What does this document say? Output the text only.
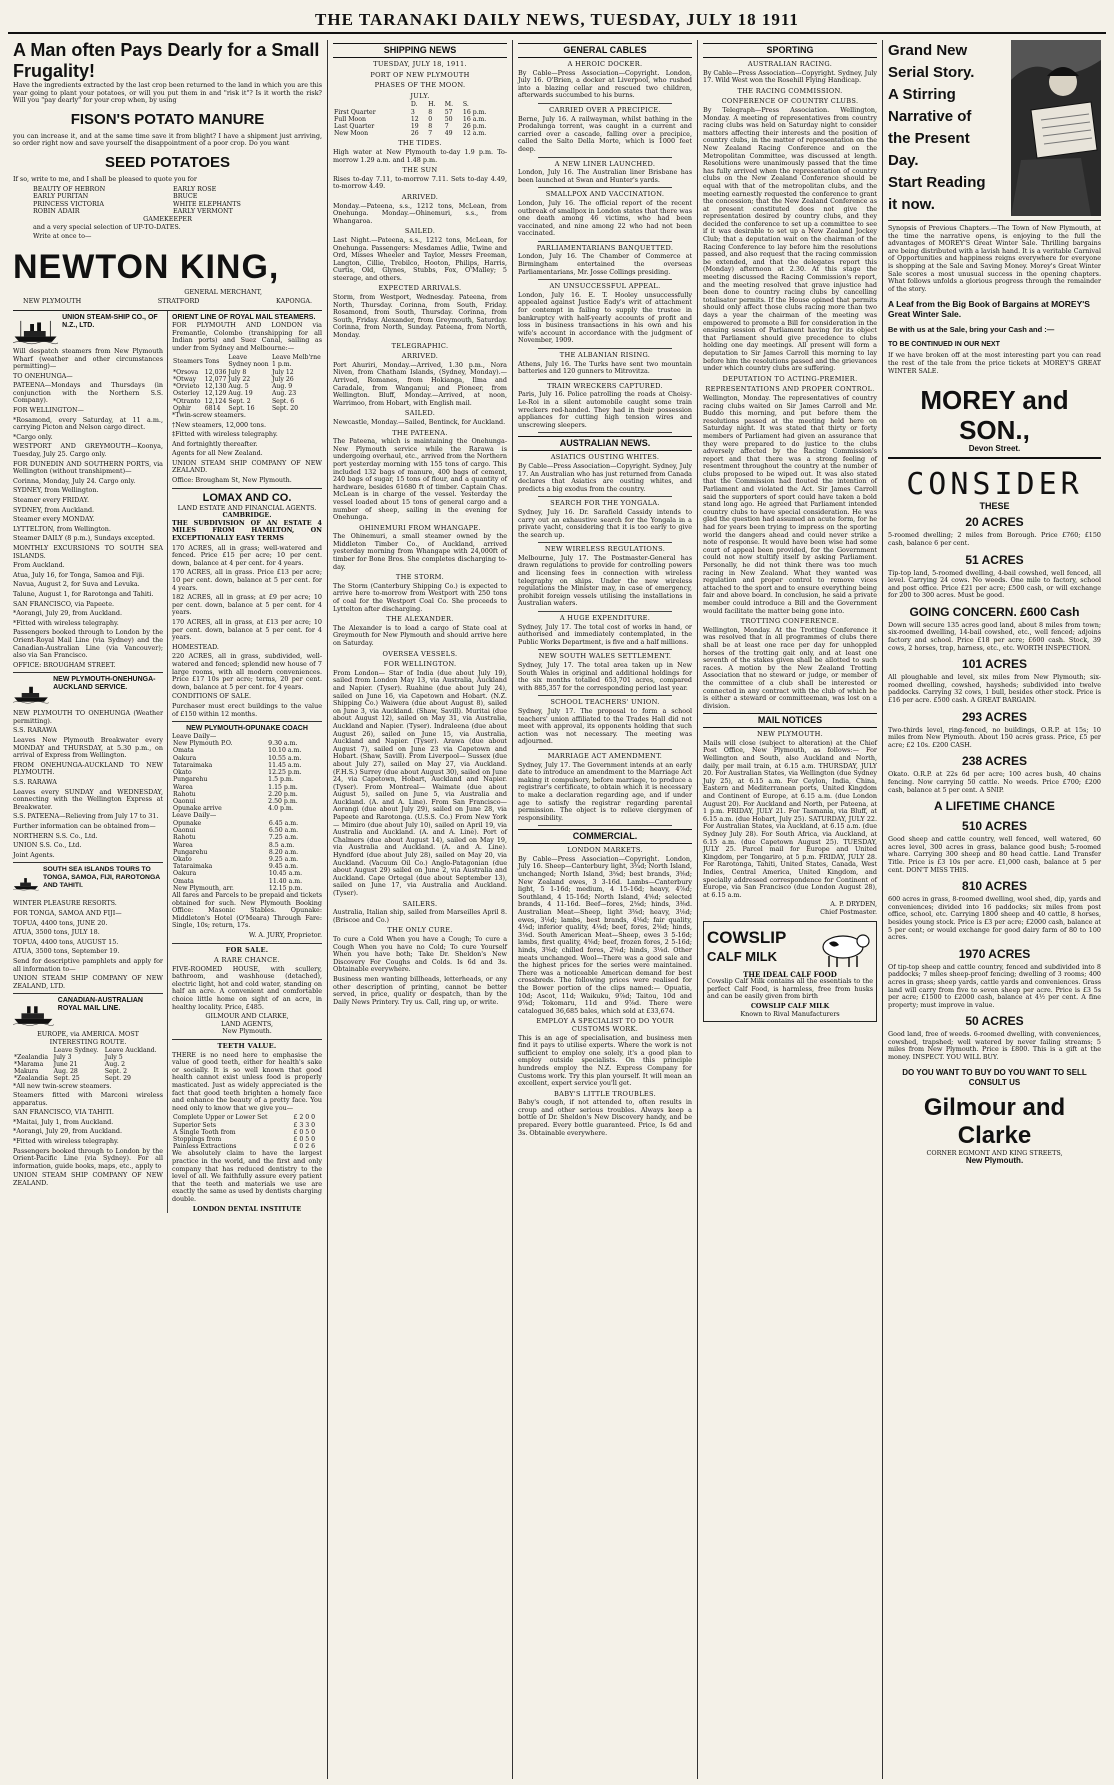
THE TARANAKI DAILY NEWS, TUESDAY, JULY 18 1911
A Man often Pays Dearly for a Small Frugality!

Have the ingredients extracted by the last crop been returned to the land in which you are this year going to plant your potatoes, or will you put them in and "risk it"? Is it worth the risk? Will you "pay dearly" for your crop when, by using

FISON'S POTATO MANURE

you can increase it, and at the same time save it from blight? I have a shipment just arriving, so order right now and save yourself the disappointment of a poor crop. Do you want

SEED POTATOES

If so, write to me, and I shall be pleased to quote you for

BEAUTY OF HEBRON
EARLY PURITAN
PRINCESS VICTORIA
ROBIN ADAIR
EARLY ROSE
BRUCE
WHITE ELEPHANTS
EARLY VERMONT
GAMEKEEPER

and a very special selection of UP-TO-DATES.

Write at once to—

NEWTON KING,
GENERAL MERCHANT,
NEW PLYMOUTH	STRATFORD	KAPONGA.
UNION STEAM-SHIP CO., OF N.Z., LTD.

Will despatch steamers from New Plymouth Wharf (weather and other circumstances permitting)—

TO ONEHUNGA—

PATEENA—Mondays and Thursdays (in conjunction with the Northern S.S. Company).

FOR WELLINGTON—

*Rosamond, every Saturday, at 11 a.m., carrying Picton and Nelson cargo direct.

*Cargo only.

WESTPORT AND GREYMOUTH—Koonya, Tuesday, July 25. Cargo only.

FOR DUNEDIN AND SOUTHERN PORTS, via Wellington (without transhipment)—

Corinna, Monday, July 24. Cargo only.

SYDNEY, from Wellington.

Steamer every FRIDAY.

SYDNEY, from Auckland.

Steamer every MONDAY.

LYTTELTON, from Wellington.

Steamer DAILY (8 p.m.), Sundays excepted.

MONTHLY EXCURSIONS TO SOUTH SEA ISLANDS.

From Auckland.

Atua, July 16, for Tonga, Samoa and Fiji.

Navua, August 2, for Suva and Levuka.

Talune, August 1, for Rarotonga and Tahiti.

SAN FRANCISCO, via Papeete.

*Aorangi, July 29, from Auckland.

*Fitted with wireless telegraphy.

Passengers booked through to London by the Orient-Royal Mail Line (via Sydney) and the Canadian-Australian Line (via Vancouver); also via San Francisco.

OFFICE: BROUGHAM STREET.

NEW PLYMOUTH-ONEHUNGA-AUCKLAND SERVICE.

NEW PLYMOUTH TO ONEHUNGA (Weather permitting).

S.S. RARAWA

Leaves New Plymouth Breakwater every MONDAY and THURSDAY, at 5.30 p.m., on arrival of Express from Wellington.

FROM ONEHUNGA-AUCKLAND TO NEW PLYMOUTH.

S.S. RARAWA

Leaves every SUNDAY and WEDNESDAY, connecting with the Wellington Express at Breakwater.

S.S. PATEENA—Relieving from July 17 to 31.

Further information can be obtained from—

NORTHERN S.S. Co., Ltd.

UNION S.S. Co., Ltd.

Joint Agents.

SOUTH SEA ISLANDS TOURS TO TONGA, SAMOA, FIJI, RAROTONGA AND TAHITI.

WINTER PLEASURE RESORTS.

FOR TONGA, SAMOA AND FIJI—

TOFUA, 4400 tons, JUNE 20.

ATUA, 3500 tons, JULY 18.

TOFUA, 4400 tons, AUGUST 15.

ATUA, 3500 tons, September 19.

Send for descriptive pamphlets and apply for all information to—

UNION STEAM SHIP COMPANY OF NEW ZEALAND, LTD.

CANADIAN-AUSTRALIAN ROYAL MAIL LINE.
EUROPE, via AMERICA. MOST INTERESTING ROUTE.
	Leave Sydney.	Leave Auckland.
*Zealandia	July 3	July 5
*Marama	June 21	Aug. 2
Makura	Aug. 28	Sept. 2
*Zealandia	Sept. 25	Sept. 29

*All new twin-screw steamers.

Steamers fitted with Marconi wireless apparatus.

SAN FRANCISCO, VIA TAHITI.

*Maitai, July 1, from Auckland.

*Aorangi, July 29, from Auckland.

*Fitted with wireless telegraphy.

Passengers booked through to London by the Orient-Pacific Line (via Sydney). For all information, guide books, maps, etc., apply to

UNION STEAM SHIP COMPANY OF NEW ZEALAND.

ORIENT LINE OF ROYAL MAIL STEAMERS.

FOR PLYMOUTH AND LONDON via Fremantle, Colombo (transhipping for all Indian ports) and Suez Canal, sailing as under from Sydney and Melbourne:—

Steamers	Tons	Leave Sydney noon	Leave Melb'rne 1 p.m.
*Orsova	12,036	July 8	July 12
*Otway	12,077	July 22	July 26
*Orvieto	12,130	Aug. 5	Aug. 9
Osterley	12,129	Aug. 19	Aug. 23
*Otranto	12,124	Sept. 2	Sept. 6
Ophir	6814	Sept. 16	Sept. 20

*Twin-screw steamers.

†New steamers, 12,000 tons.

‡Fitted with wireless telegraphy.

And fortnightly thereafter.

Agents for all New Zealand.

UNION STEAM SHIP COMPANY OF NEW ZEALAND.

Office: Brougham St, New Plymouth.

LOMAX AND CO.
LAND ESTATE AND FINANCIAL AGENTS.
CAMBRIDGE.

THE SUBDIVISION OF AN ESTATE 4 MILES FROM HAMILTON, ON EXCEPTIONALLY EASY TERMS

170 ACRES, all in grass; well-watered and fenced. Price £15 per acre; 10 per cent. down, balance at 4 per cent. for 4 years.

170 ACRES, all in grass. Price £13 per acre; 10 per cent. down, balance at 5 per cent. for 4 years.

182 ACRES, all in grass; at £9 per acre; 10 per cent. down, balance at 5 per cent. for 4 years.

170 ACRES, all in grass, at £13 per acre; 10 per cent. down, balance at 5 per cent. for 4 years.

HOMESTEAD.

220 ACRES, all in grass, subdivided, well-watered and fenced; splendid new house of 7 large rooms, with all modern conveniences. Price £17 10s per acre; terms, 20 per cent. down, balance at 5 per cent. for 4 years.

CONDITIONS OF SALE.

Purchaser must erect buildings to the value of £150 within 12 months.

NEW PLYMOUTH-OPUNAKE COACH
Leave Daily—
New Plymouth P.O.	9.30 a.m.
Omata	10.10 a.m.
Oakura	10.55 a.m.
Tataraimaka	11.45 a.m.
Okato	12.25 p.m.
Pungarehu	1.5 p.m.
Warea	1.15 p.m.
Rahotu	2.20 p.m.
Oaonui	2.50 p.m.
Opunake arrive	4.0 p.m.
Leave Daily—
Opunake	6.45 a.m.
Oaonui	6.50 a.m.
Rahotu	7.25 a.m.
Warea	8.5 a.m.
Pungarehu	8.20 a.m.
Okato	9.25 a.m.
Tataraimaka	9.45 a.m.
Oakura	10.45 a.m.
Omata	11.40 a.m.
New Plymouth, arr.	12.15 p.m.

All fares and Parcels to be prepaid and tickets obtained for such. New Plymouth Booking Office: Masonic Stables. Opunake: Middleton's Hotel (O'Meara) Through Fare: Single, 10s; return, 17s.

W. A. JURY, Proprietor.
FOR SALE.
A RARE CHANCE.

FIVE-ROOMED HOUSE, with scullery, bathroom, and washhouse (detached), electric light, hot and cold water, standing on half an acre. A convenient and comfortable choice little home on sight of an acre, in healthy locality. Price, £485.

GILMOUR AND CLARKE,
LAND AGENTS,
New Plymouth.
TEETH VALUE.

THERE is no need here to emphasise the value of good teeth, either for health's sake or socially. It is so well known that good health cannot exist unless food is properly masticated. Just as widely appreciated is the fact that good teeth brighten a homely face and enhance the beauty of a pretty face. You need only to know that we give you—

Complete Upper or Lower Set	£ 2 0 0
Superior Sets	£ 3 3 0
A Single Tooth from	£ 0 5 0
Stoppings from	£ 0 5 0
Painless Extractions	£ 0 2 6

We absolutely claim to have the largest practice in the world, and the first and only company that has reduced dentistry to the level of all. We faithfully assure every patient that the teeth and materials we use are exactly the same as used by dentists charging double.

LONDON DENTAL INSTITUTE
SHIPPING NEWS
TUESDAY, JULY 18, 1911.
PORT OF NEW PLYMOUTH
PHASES OF THE MOON.
JULY.
	D.	H.	M.	S.
First Quarter	3	8	57	16 p.m.
Full Moon	12	0	50	16 a.m.
Last Quarter	19	8	7	26 p.m.
New Moon	26	7	49	12 a.m.
THE TIDES.

High water at New Plymouth to-day 1.9 p.m. To-morrow 1.29 a.m. and 1.48 p.m.

THE SUN

Rises to-day 7.11, to-morrow 7.11. Sets to-day 4.49, to-morrow 4.49.

ARRIVED.

Monday.—Pateena, s.s., 1212 tons, McLean, from Onehunga. Monday.—Ohinemuri, s.s., from Whangaroa.

SAILED.

Last Night.—Pateena, s.s., 1212 tons, McLean, for Onehunga. Passengers: Mesdames Adlie, Twine and Ord, Misses Wheeler and Taylor, Messrs Freeman, Langton, Cillie, Trebilco, Hooton, Philips, Harris, Curtis, Old, Glynes, Stubbs, Fox, O'Malley; 5 steerage, and others.

EXPECTED ARRIVALS.

Storm, from Westport, Wednesday. Pateena, from North, Thursday. Corinna, from South, Friday. Rosamond, from South, Thursday. Corinna, from South, Friday. Alexander, from Greymouth, Saturday. Corinna, from North, Sunday. Pateena, from North, Monday.

TELEGRAPHIC.
ARRIVED.

Port Ahuriri, Monday.—Arrived, 1.30 p.m., Nora Niven, from Chatham Islands, (Sydney, Monday).—Arrived, Romanes, from Hokianga, Ilma and Caradale, from Wanganui; and Pioneer, from Wellington. Bluff, Monday.—Arrived, at noon, Warrimoo, from Hobart, with English mail.

SAILED.

Newcastle, Monday.—Sailed, Bentinck, for Auckland.

THE PATEENA.

The Pateena, which is maintaining the Onehunga-New Plymouth service while the Rarawa is undergoing overhaul, etc., arrived from the Northern port yesterday morning with 155 tons of cargo. This included 132 bags of manure, 400 bags of cement, 240 bags of sugar, 15 tons of flour, and a quantity of hardware, besides 61680 ft of timber. Captain Chas. McLean is in charge of the vessel. Yesterday the vessel loaded about 15 tons of general cargo and a number of sheep, sailing in the evening for Onehunga.

OHINEMURI FROM WHANGAPE.

The Ohinemuri, a small steamer owned by the Middleton Timber Co., of Auckland, arrived yesterday morning from Whangape with 24,000ft of timber for Bone Bros. She completes discharging to-day.

THE STORM.

The Storm (Canterbury Shipping Co.) is expected to arrive here to-morrow from Westport with 250 tons of coal for the Westport Coal Co. She proceeds to Lyttelton after discharging.

THE ALEXANDER.

The Alexander is to load a cargo of State coal at Greymouth for New Plymouth and should arrive here on Saturday.

OVERSEA VESSELS.
FOR WELLINGTON.

From London— Star of India (due about July 19), sailed from London May 13, via Australia, Auckland and Napier. (Tyser). Ruahine (due about July 24), sailed on June 16, via Capetown and Hobart. (N.Z. Shipping Co.) Waiwera (due about August 8), sailed on June 3, via Auckland. (Shaw, Savill). Muritai (due about August 12), sailed on May 31, via Australia, Auckland and Napier. (Tyser). Indraleena (due about August 26), sailed on June 15, via Australia, Auckland and Napier. (Tyser). Arawa (due about August 7), sailed on June 23 via Capetown and Hobart. (Shaw, Savill). From Liverpool— Sussex (due about July 27), sailed on May 27, via Auckland. (F.H.S.) Surrey (due about August 30), sailed on June 24, via Capetown, Hobart, Auckland and Napier. (Tyser). From Montreal— Waimate (due about August 5), sailed on June 5, via Australia and Auckland. (A. and A. Line). From San Francisco— Aorangi (due about July 29), sailed on June 28, via Papeete and Rarotonga. (U.S.S. Co.) From New York— Mimiro (due about July 10), sailed on April 19, via Australia and Auckland. (A. and A. Line). Port of Chalmers (due about August 14), sailed on May 19, via Australia and Auckland. (A. and A. Line). Hyndford (due about July 28), sailed on May 20, via Auckland. (Vacuum Oil Co.) Anglo-Patagonian (due about August 29) sailed on June 2, via Australia and Auckland. Cape Ortegal (due about September 13), sailed on June 17, via Australia and Auckland. (Tyser).

SAILERS.

Australia, Italian ship, sailed from Marseilles April 8. (Briscoe and Co.)

THE ONLY CURE.

To cure a Cold When you have a Cough; To cure a Cough When you have no Cold; To cure Yourself When you have both; Take Dr. Sheldon's New Discovery For Coughs and Colds. Is 6d and 3s. Obtainable everywhere.

Business men wanting billheads, letterheads, or any other description of printing, cannot be better served, in price, quality or despatch, than by the Daily News Printery. Try us. Call, ring up, or write.

GENERAL CABLES
A HEROIC DOCKER.

By Cable—Press Association—Copyright. London, July 16. O'Brien, a docker at Liverpool, who rushed into a blazing cellar and rescued two children, afterwards succumbed to his burns.

CARRIED OVER A PRECIPICE.

Berne, July 16. A railwayman, whilst bathing in the Prodalunga torrent, was caught in a current and carried over a cascade, falling over a precipice, called the Salto Della Morte, which is 1000 feet deep.

A NEW LINER LAUNCHED.

London, July 16. The Australian liner Brisbane has been launched at Swan and Hunter's yards.

SMALLPOX AND VACCINATION.

London, July 16. The official report of the recent outbreak of smallpox in London states that there was one death among 46 victims, who had been vaccinated, and nine among 22 who had not been vaccinated.

PARLIAMENTARIANS BANQUETTED.

London, July 16. The Chamber of Commerce at Birmingham entertained the overseas Parliamentarians, Mr. Josse Collings presiding.

AN UNSUCCESSFUL APPEAL.

London, July 16. E. T. Hooley unsuccessfully appealed against Justice Eady's writ of attachment for contempt in failing to supply the trustee in bankruptcy with half-yearly accounts of profit and loss in business transactions in his own and his wife's account in accordance with the judgment of November, 1909.

THE ALBANIAN RISING.

Athens, July 16. The Turks have sent two mountain batteries and 120 gunners to Mitrovitza.

TRAIN WRECKERS CAPTURED.

Paris, July 16. Police patrolling the roads at Choisy-Le-Roi in a silent automobile caught some train wreckers red-handed. They had in their possession appliances for cutting high tension wires and unscrewing sleepers.

AUSTRALIAN NEWS.
ASIATICS OUSTING WHITES.

By Cable—Press Association—Copyright. Sydney, July 17. An Australian who has just returned from Canada declares that Asiatics are ousting whites, and predicts a big exodus from the country.

SEARCH FOR THE YONGALA.

Sydney, July 16. Dr. Sarafield Cassidy intends to carry out an exhaustive search for the Yongala in a private yacht, considering that it is too early to give the search up.

NEW WIRELESS REGULATIONS.

Melbourne, July 17. The Postmaster-General has drawn regulations to provide for controlling powers and licensing fees in connection with wireless telegraphy on ships. Under the new wireless regulations the Minister may, in case of emergency, prohibit foreign vessels utilising the installations in Australian waters.

A HUGE EXPENDITURE.

Sydney, July 17. The total cost of works in hand, or authorised and immediately contemplated, in the Public Works Department, is five and a half millions.

NEW SOUTH WALES SETTLEMENT.

Sydney, July 17. The total area taken up in New South Wales in original and additional holdings for the six months totalled 653,701 acres, compared with 885,357 for the corresponding period last year.

SCHOOL TEACHERS' UNION.

Sydney, July 17. The proposal to form a school teachers' union affiliated to the Trades Hall did not meet with approval, its opponents holding that such action was not necessary. The meeting was adjourned.

MARRIAGE ACT AMENDMENT.

Sydney, July 17. The Government intends at an early date to introduce an amendment to the Marriage Act making it compulsory, before marriage, to produce a registrar's certificate, to obtain which it is necessary to make a declaration regarding age, and if under age to satisfy the registrar regarding parental permission. The object is to relieve clergymen of responsibility.

COMMERCIAL.
LONDON MARKETS.

By Cable—Press Association—Copyright. London, July 16. Sheep—Canterbury light, 3¾d; North Island, unchanged; North Island, 3⅝d; best brands, 3⅝d; New Zealand ewes, 3 3-16d. Lambs—Canterbury light, 5 1-16d; medium, 4 15-16d; heavy, 4⅞d; Southland, 4 15-16d; North Island, 4⅝d; selected brands, 4 11-16d. Beef—fores, 2⅝d; hinds, 3⅜d. Australian Meat—Sheep, light 3⅜d; heavy, 3⅛d; ewes, 3⅛d; lambs, best brands, 4⅛d; fair quality, 4⅛d; inferior quality, 4⅛d; beef, fores, 2⅝d; hinds, 3⅛d. South American Meat—Sheep, ewes 3 5-16d; lambs, first quality, 4⅝d; beef, frozen fores, 2 5-16d; hinds, 3⅝d; chilled fores, 2⅝d; hinds, 3⅛d. Other meats unchanged. Wool—There was a good sale and the highest prices for the series were maintained. There was a noticeable American demand for best crossbreds. The following prices were realised for the Bower portion of the clips named:— Opuatia, 10d; Ascot, 11d; Waikuku, 9⅞d; Taitou, 10d and 9⅞d; Tokomaru, 11d and 9⅞d. There were catalogued 36,685 bales, which sold at £33,674.

EMPLOY A SPECIALIST TO DO YOUR CUSTOMS WORK.

This is an age of specialisation, and business men find it pays to utilise experts. Where the work is not sufficient to employ one solely, it's a good plan to employ outside specialists. On this principle hundreds employ the N.Z. Express Company for Customs work. Try this plan yourself. It will mean an excellent, expert service you'll get.

BABY'S LITTLE TROUBLES.

Baby's cough, if not attended to, often results in croup and other serious troubles. Always keep a bottle of Dr. Sheldon's New Discovery handy, and be prepared. Every bottle guaranteed. Price, Is 6d and 3s. Obtainable everywhere.

SPORTING
AUSTRALIAN RACING.

By Cable—Press Association—Copyright. Sydney, July 17. Wild West won the Rosehill Flying Handicap.

THE RACING COMMISSION.
CONFERENCE OF COUNTRY CLUBS.

By Telegraph—Press Association. Wellington, Monday. A meeting of representatives from country racing clubs was held on Saturday night to consider matters affecting their interests and the position of country clubs, in the matter of representation on the New Zealand Racing Conference and on the Metropolitan Committee, was discussed at length. Resolutions were unanimously passed that the time has fully arrived when the representation of country clubs on the New Zealand Conference should be equal with that of the metropolitan clubs, and the meeting earnestly requested the conference to grant the concession; that the New Zealand Conference as at present constituted does not give the representation desired by country clubs, and they decided the conference to set up a committee to see if it was desirable to set up a New Zealand Jockey Club; that a deputation wait on the chairman of the Racing Conference to lay before him the resolutions passed, and also request that the racing commission be extended, and that the delegates report this (Monday) afternoon at 2.30. At this stage the meeting discussed the Racing Commission's report, and the meeting resolved that grave injustice had been done to country racing clubs by cancelling totalisator permits. If the House opined that permits should only affect those clubs racing more than two days a year the chairman of the meeting was empowered to promote a Bill for consideration in the ensuing session of Parliament having for its object that Parliament should give precedence to clubs holding one day meetings. All present will form a deputation to Sir James Carroll this morning to lay before him the resolutions passed and the grievances under which country clubs are suffering.

DEPUTATION TO ACTING-PREMIER.
REPRESENTATIONS AND PROPER CONTROL.

Wellington, Monday. The representatives of country racing clubs waited on Sir James Carroll and Mr. Buddo this morning, and put before them the resolutions passed at the meeting held here on Saturday night. It was stated that thirty or forty members of Parliament had given an assurance that they were prepared to do justice to the clubs adversely affected by the Racing Commission's report and that there was a strong feeling of resentment throughout the country at the number of clubs proposed to be wiped out. It was also stated that the Commission had flouted the intention of Parliament and violated the Act. Sir James Carroll said the supporters of sport could have taken a bold stand long ago. He agreed that Parliament intended country clubs to have special consideration. He was glad the question had assumed an acute form, for he had for years been trying to impress on the sporting world the dangers ahead and could never strike a note of response. It would have been wise had some court of appeal been provided, for the Government could not now stultify itself by asking Parliament. Personally, he did not think there was too much racing in New Zealand. What they wanted was regulation and proper control to remove vices attached to the sport and to ensure everything being fair and above board. In conclusion, he said a private member could introduce a Bill and the Government would facilitate the matter being gone into.

TROTTING CONFERENCE.

Wellington, Monday. At the Trotting Conference it was resolved that in all programmes of clubs there shall be at least one race per day for unhoppled horses of the trotting gait only, and at least one seventh of the stakes given shall be allotted to such races. A motion by the New Zealand Trotting Association that no steward or judge, or member of the committee of a club shall be interested or connected in any contract with the club of which he is either a steward or committeeman, was lost on a division.

MAIL NOTICES
NEW PLYMOUTH.

Mails will close (subject to alteration) at the Chief Post Office, New Plymouth, as follows:— For Wellington and South, also Auckland and North, daily, per mail train, at 6.15 a.m. THURSDAY, JULY 20. For Australian States, via Wellington (due Sydney July 25), at 6.15 a.m. For Ceylon, India, China, Eastern and Mediterranean ports, United Kingdom and Continent of Europe, at 6.15 a.m. (due London August 20). For Auckland and North, per Pateena, at 1 p.m. FRIDAY, JULY 21. For Tasmania, via Bluff, at 6.15 a.m. (due Hobart, July 25). SATURDAY, JULY 22. For Australian States, via Auckland, at 6.15 a.m. (due Sydney July 28). For South Africa, via Auckland, at 6.15 a.m. (due Capetown August 25). TUESDAY, JULY 25. Parcel mail for Europe and United Kingdom, per Tongariro, at 5 p.m. FRIDAY, JULY 28. For Rarotonga, Tahiti, United States, Canada, West Indies, Central America, United Kingdom, and specially addressed correspondence for Continent of Europe, via San Francisco (due London August 28), at 6.15 a.m.

A. P. DRYDEN,
Chief Postmaster.
COWSLIP
CALF MILK
THE IDEAL CALF FOOD

Cowslip Calf Milk contains all the essentials to the perfect Calf Food, is harmless, free from husks and can be easily given from birth

COWSLIP CALF MILK
Known to Rival Manufacturers
Grand New
Serial Story.
A Stirring
Narrative of
the Present
Day.
Start Reading
it now.

Synopsis of Previous Chapters.—The Town of New Plymouth, at the time the narrative opens, is enjoying to the full the advantages of MOREY'S Great Winter Sale. Thrilling bargains are being distributed with a lavish hand. It is a veritable Carnival of Opportunities and happiness reigns everywhere for everyone is shopping at the Sale and Saving Money. Morey's Great Winter Sale scores a most unusual success in the opening chapters. What follows unfolds a glorious progress through the remainder of the story.

A Leaf from the Big Book of Bargains at MOREY'S Great Winter Sale.
Be with us at the Sale, bring your Cash and :—
TO BE CONTINUED IN OUR NEXT

If we have broken off at the most interesting part you can read the rest of the tale from the price tickets at MOREY'S GREAT WINTER SALE.

MOREY and SON.,
Devon Street.
CONSIDER
THESE
20 ACRES

5-roomed dwelling; 2 miles from Borough. Price £760; £150 cash, balance 6 per cent.

51 ACRES

Tip-top land, 5-roomed dwelling, 4-bail cowshed, well fenced, all level. Carrying 24 cows. No weeds. One mile to factory, school and post office. Price £21 per acre; £500 cash, or will exchange for 200 to 300 acres. Must be good.

GOING CONCERN. £600 Cash

Down will secure 135 acres good land, about 8 miles from town; six-roomed dwelling, 14-bail cowshed, etc., well fenced; adjoins factory and school. Price £18 per acre; £600 cash. Stock, 39 cows, 2 horses, trap, harness, etc., etc. WORTH INSPECTION.

101 ACRES

All ploughable and level, six miles from New Plymouth; six-roomed dwelling, cowshed, haysheds; subdivided into twelve paddocks. Carrying 32 cows, 1 bull, besides other stock. Price is £16 per acre. £500 cash. A GREAT BARGAIN.

293 ACRES

Two-thirds level, ring-fenced, no buildings, O.R.P. at 15s; 10 miles from New Plymouth. About 150 acres grass. Price, £5 per acre; £2 10s. £200 CASH.

238 ACRES

Okato. O.R.P. at 22s 6d per acre; 100 acres bush, 40 chains fencing. Now carrying 50 cattle. No weeds. Price £700; £200 cash, balance at 5 per cent. A SNIP.

A LIFETIME CHANCE
510 ACRES

Good sheep and cattle country, well fenced, well watered, 60 acres level, 300 acres in grass, balance good bush; 5-roomed whare. Carrying 300 sheep and 80 head cattle. Land Transfer Title. Price is £3 10s per acre. £1,000 cash, balance at 5 per cent. DON'T MISS THIS.

810 ACRES

600 acres in grass, 8-roomed dwelling, wool shed, dip, yards and conveniences; divided into 16 paddocks; six miles from post office, school, etc. Carrying 1800 sheep and 40 cattle, 8 horses, besides young stock. Price is £3 per acre; £2000 cash, balance at 5 per cent; or would exchange for good dairy farm of 80 to 100 acres.

1970 ACRES

Of tip-top sheep and cattle country, fenced and subdivided into 8 paddocks; 7 miles sheep-proof fencing; dwelling of 3 rooms; 400 acres in grass; sheep yards, cattle yards and conveniences. Grass land will carry from five to seven sheep per acre. Price is £3 5s per acre; £1500 to £2000 cash, balance at 4½ per cent. A fine property; must improve in value.

50 ACRES

Good land, free of weeds. 6-roomed dwelling, with conveniences, cowshed, trapshed; well watered by never failing streams; 5 miles from New Plymouth. Price is £800. This is a gift at the money. INSPECT. YOU WILL BUY.

DO YOU WANT TO BUY DO YOU WANT TO SELL CONSULT US
Gilmour and Clarke
CORNER EGMONT AND KING STREETS,
New Plymouth.
